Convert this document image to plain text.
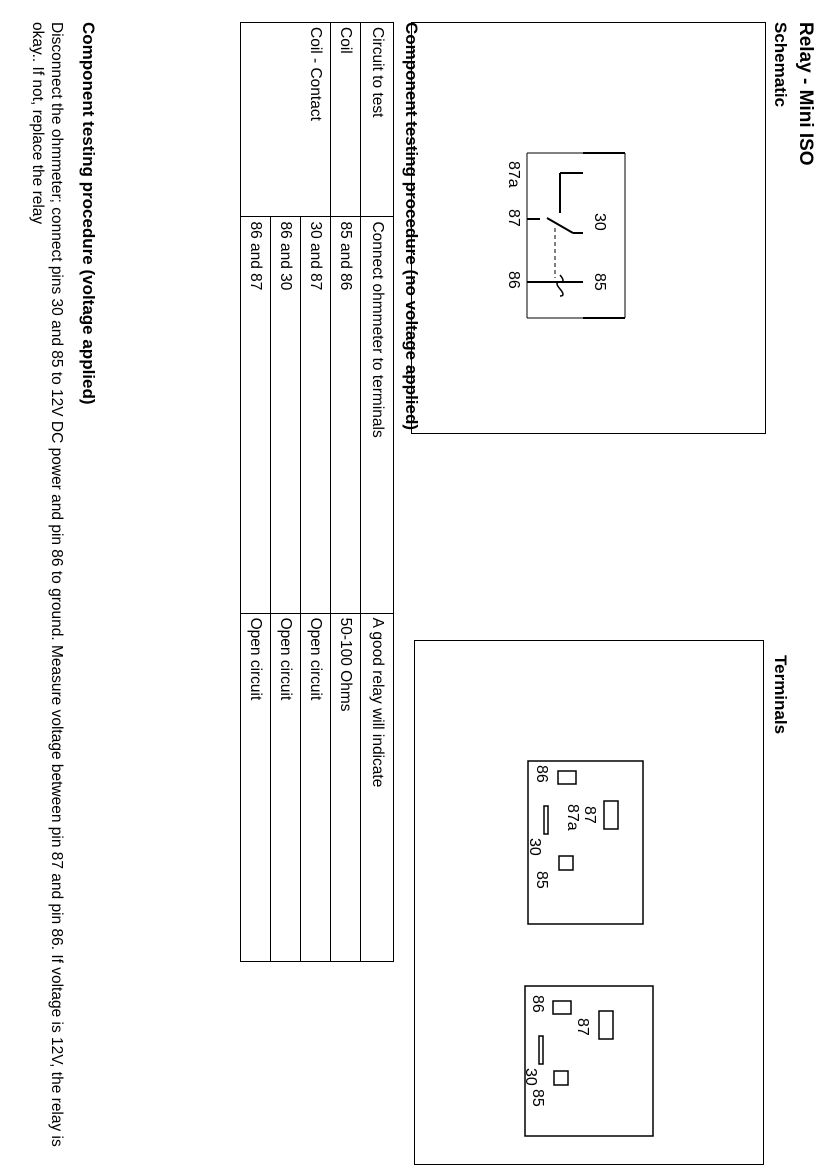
Relay - Mini ISO
Schematic
30
85
87a
87
86
Terminals
87
87a
86
85
30
87
86
85
30
Component testing procedure (no voltage applied)
Circuit to test	Connect ohmmeter to terminals	A good relay will indicate
Coil	85 and 86	50-100 Ohms
Coil - Contact	30 and 87	Open circuit
	86 and 30	Open circuit
	86 and 87	Open circuit
Component testing procedure (voltage applied)
Disconnect the ohmmeter; connect pins 30 and 85 to 12V DC power and pin 86 to ground. Measure voltage between pin 87 and pin 86. If voltage is 12V, the relay is okay.. If not, replace the relay
